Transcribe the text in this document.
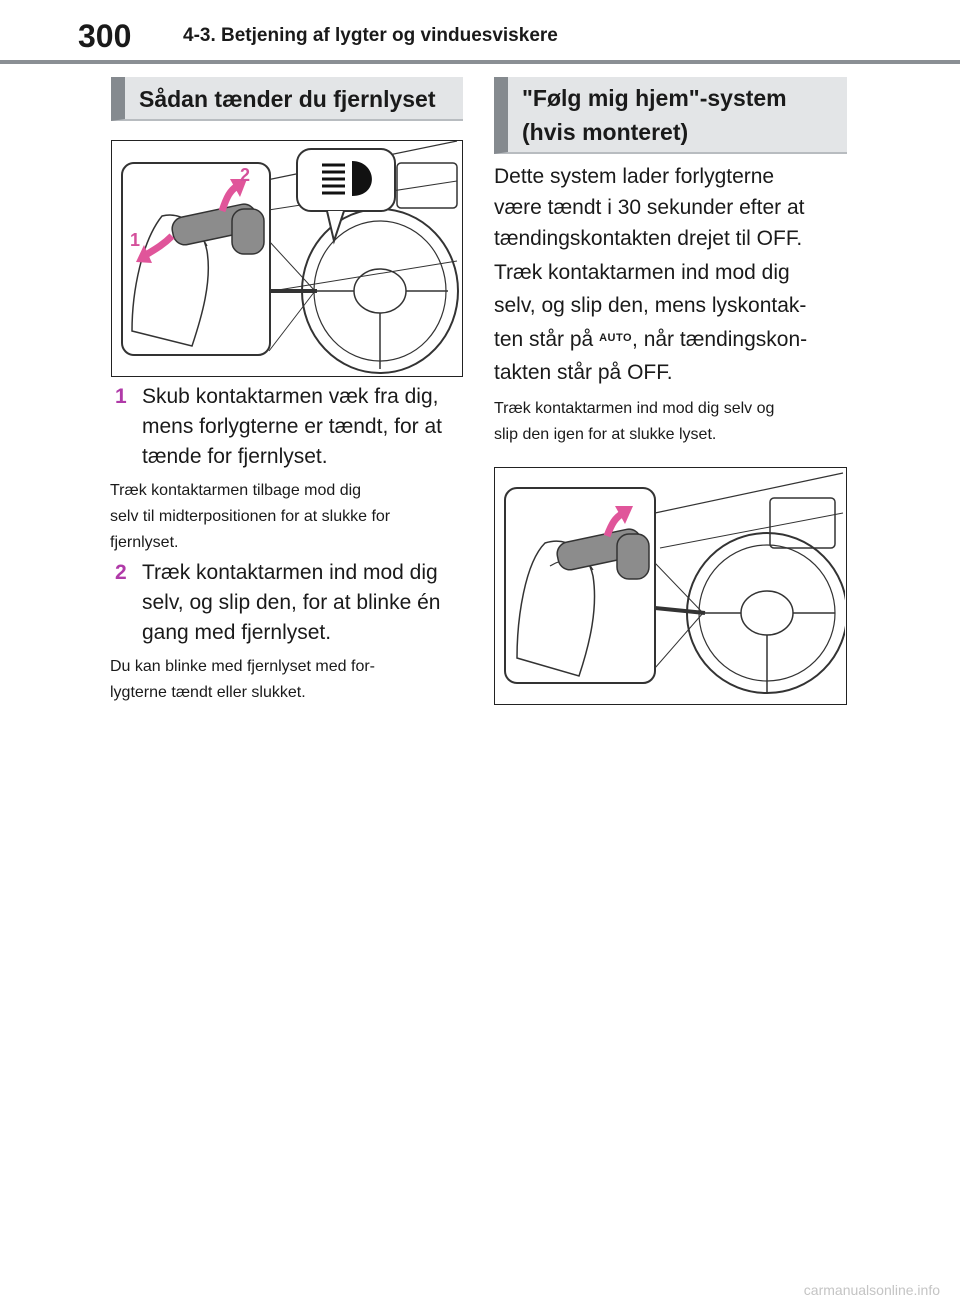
300	4-3. Betjening af lygter og vinduesviskere
Sådan tænder du fjernlyset
2
1
1 Skub kontaktarmen væk fra dig,
mens forlygterne er tændt, for at
tænde for fjernlyset.
Træk kontaktarmen tilbage mod dig
selv til midterpositionen for at slukke for
fjernlyset.
2 Træk kontaktarmen ind mod dig
selv, og slip den, for at blinke én
gang med fjernlyset.
Du kan blinke med fjernlyset med for-
lygterne tændt eller slukket.
"Følg mig hjem"-system
(hvis monteret)
Dette system lader forlygterne
være tændt i 30 sekunder efter at
tændingskontakten drejet til OFF.
Træk kontaktarmen ind mod dig
selv, og slip den, mens lyskontak-
ten står på $^{AUTO}$, når tændingskon-
takten står på OFF.
Træk kontaktarmen ind mod dig selv og
slip den igen for at slukke lyset.
carmanualsonline.info
